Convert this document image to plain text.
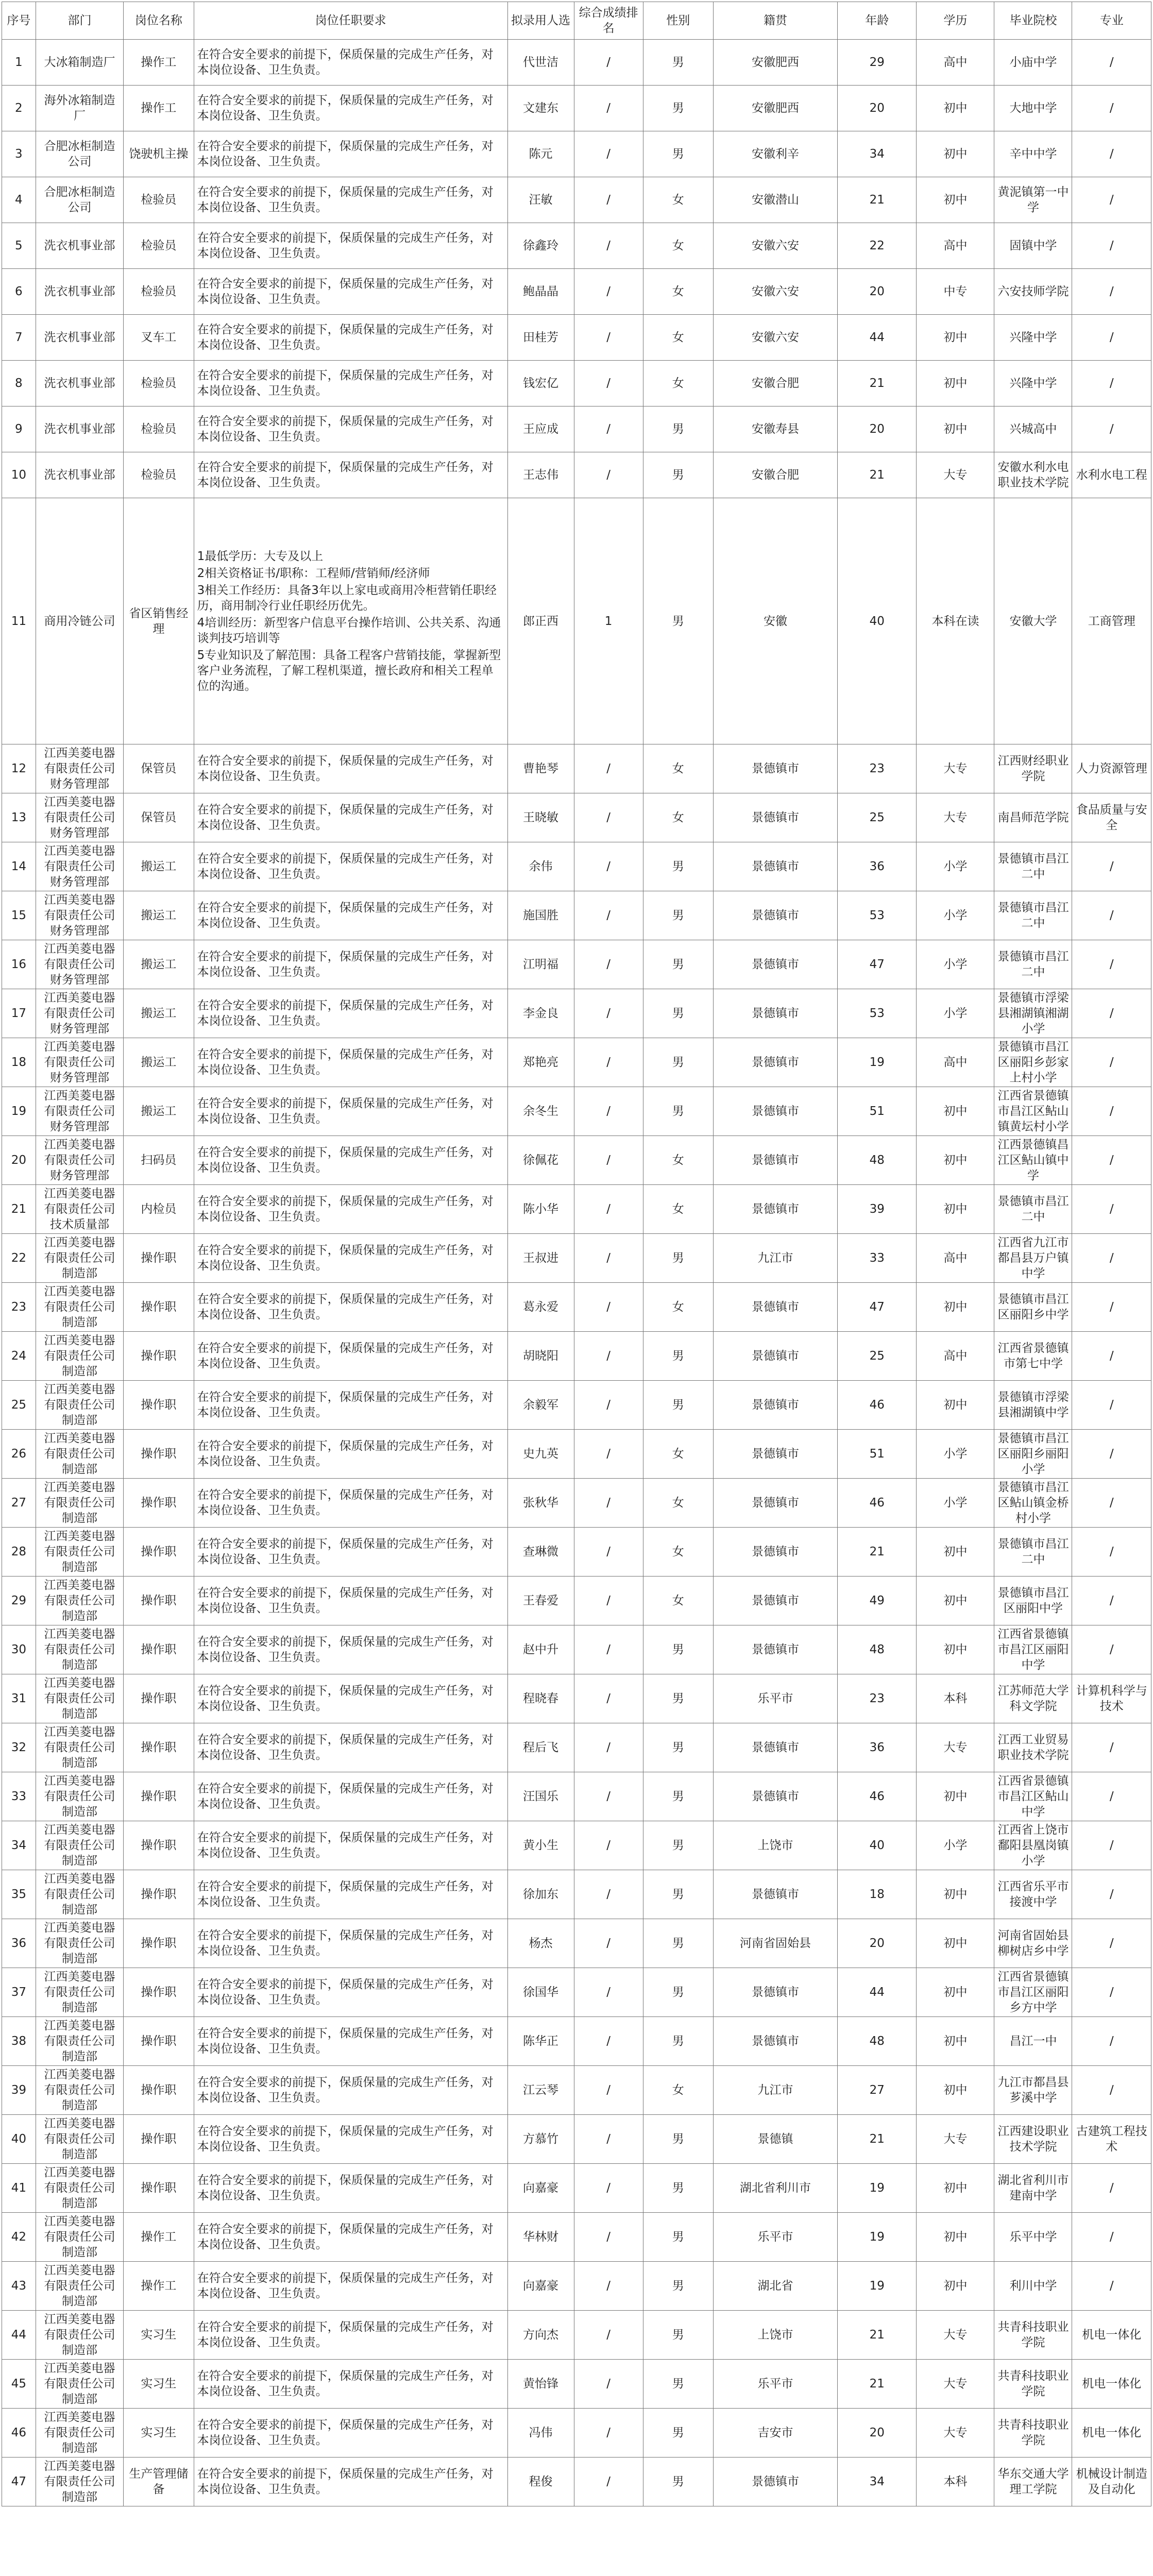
序号	部门	岗位名称	岗位任职要求	拟录用人选	综合成绩排名	性别	籍贯	年龄	学历	毕业院校	专业
1	大冰箱制造厂	操作工	在符合安全要求的前提下，保质保量的完成生产任务，对本岗位设备、卫生负责。	代世洁	/	男	安徽肥西	29	高中	小庙中学	/
2	海外冰箱制造厂	操作工	在符合安全要求的前提下，保质保量的完成生产任务，对本岗位设备、卫生负责。	文建东	/	男	安徽肥西	20	初中	大地中学	/
3	合肥冰柜制造公司	饶驶机主操	在符合安全要求的前提下，保质保量的完成生产任务，对本岗位设备、卫生负责。	陈元	/	男	安徽利辛	34	初中	辛中中学	/
4	合肥冰柜制造公司	检验员	在符合安全要求的前提下，保质保量的完成生产任务，对本岗位设备、卫生负责。	汪敏	/	女	安徽潜山	21	初中	黄泥镇第一中学	/
5	洗衣机事业部	检验员	在符合安全要求的前提下，保质保量的完成生产任务，对本岗位设备、卫生负责。	徐鑫玲	/	女	安徽六安	22	高中	固镇中学	/
6	洗衣机事业部	检验员	在符合安全要求的前提下，保质保量的完成生产任务，对本岗位设备、卫生负责。	鲍晶晶	/	女	安徽六安	20	中专	六安技师学院	/
7	洗衣机事业部	叉车工	在符合安全要求的前提下，保质保量的完成生产任务，对本岗位设备、卫生负责。	田桂芳	/	女	安徽六安	44	初中	兴隆中学	/
8	洗衣机事业部	检验员	在符合安全要求的前提下，保质保量的完成生产任务，对本岗位设备、卫生负责。	钱宏亿	/	女	安徽合肥	21	初中	兴隆中学	/
9	洗衣机事业部	检验员	在符合安全要求的前提下，保质保量的完成生产任务，对本岗位设备、卫生负责。	王应成	/	男	安徽寿县	20	初中	兴城高中	/
10	洗衣机事业部	检验员	在符合安全要求的前提下，保质保量的完成生产任务，对本岗位设备、卫生负责。	王志伟	/	男	安徽合肥	21	大专	安徽水利水电职业技术学院	水利水电工程
11	商用冷链公司	省区销售经理	1最低学历：大专及以上
2相关资格证书/职称：工程师/营销师/经济师
3相关工作经历：具备3年以上家电或商用冷柜营销任职经历，商用制冷行业任职经历优先。
4培训经历：新型客户信息平台操作培训、公共关系、沟通谈判技巧培训等
5专业知识及了解范围：具备工程客户营销技能，掌握新型客户业务流程，了解工程机渠道，擅长政府和相关工程单位的沟通。	郎正西	1	男	安徽	40	本科在读	安徽大学	工商管理
12	江西美菱电器有限责任公司财务管理部	保管员	在符合安全要求的前提下，保质保量的完成生产任务，对本岗位设备、卫生负责。	曹艳琴	/	女	景德镇市	23	大专	江西财经职业学院	人力资源管理
13	江西美菱电器有限责任公司财务管理部	保管员	在符合安全要求的前提下，保质保量的完成生产任务，对本岗位设备、卫生负责。	王晓敏	/	女	景德镇市	25	大专	南昌师范学院	食品质量与安全
14	江西美菱电器有限责任公司财务管理部	搬运工	在符合安全要求的前提下，保质保量的完成生产任务，对本岗位设备、卫生负责。	余伟	/	男	景德镇市	36	小学	景德镇市昌江二中	/
15	江西美菱电器有限责任公司财务管理部	搬运工	在符合安全要求的前提下，保质保量的完成生产任务，对本岗位设备、卫生负责。	施国胜	/	男	景德镇市	53	小学	景德镇市昌江二中	/
16	江西美菱电器有限责任公司财务管理部	搬运工	在符合安全要求的前提下，保质保量的完成生产任务，对本岗位设备、卫生负责。	江明福	/	男	景德镇市	47	小学	景德镇市昌江二中	/
17	江西美菱电器有限责任公司财务管理部	搬运工	在符合安全要求的前提下，保质保量的完成生产任务，对本岗位设备、卫生负责。	李金良	/	男	景德镇市	53	小学	景德镇市浮梁县湘湖镇湘湖小学	/
18	江西美菱电器有限责任公司财务管理部	搬运工	在符合安全要求的前提下，保质保量的完成生产任务，对本岗位设备、卫生负责。	郑艳亮	/	男	景德镇市	19	高中	景德镇市昌江区丽阳乡彭家上村小学	/
19	江西美菱电器有限责任公司财务管理部	搬运工	在符合安全要求的前提下，保质保量的完成生产任务，对本岗位设备、卫生负责。	余冬生	/	男	景德镇市	51	初中	江西省景德镇市昌江区鲇山镇黄坛村小学	/
20	江西美菱电器有限责任公司财务管理部	扫码员	在符合安全要求的前提下，保质保量的完成生产任务，对本岗位设备、卫生负责。	徐佩花	/	女	景德镇市	48	初中	江西景德镇昌江区鲇山镇中学	/
21	江西美菱电器有限责任公司技术质量部	内检员	在符合安全要求的前提下，保质保量的完成生产任务，对本岗位设备、卫生负责。	陈小华	/	女	景德镇市	39	初中	景德镇市昌江二中	/
22	江西美菱电器有限责任公司制造部	操作职	在符合安全要求的前提下，保质保量的完成生产任务，对本岗位设备、卫生负责。	王叔进	/	男	九江市	33	高中	江西省九江市都昌县万户镇中学	/
23	江西美菱电器有限责任公司制造部	操作职	在符合安全要求的前提下，保质保量的完成生产任务，对本岗位设备、卫生负责。	葛永爱	/	女	景德镇市	47	初中	景德镇市昌江区丽阳乡中学	/
24	江西美菱电器有限责任公司制造部	操作职	在符合安全要求的前提下，保质保量的完成生产任务，对本岗位设备、卫生负责。	胡晓阳	/	男	景德镇市	25	高中	江西省景德镇市第七中学	/
25	江西美菱电器有限责任公司制造部	操作职	在符合安全要求的前提下，保质保量的完成生产任务，对本岗位设备、卫生负责。	余毅军	/	男	景德镇市	46	初中	景德镇市浮梁县湘湖镇中学	/
26	江西美菱电器有限责任公司制造部	操作职	在符合安全要求的前提下，保质保量的完成生产任务，对本岗位设备、卫生负责。	史九英	/	女	景德镇市	51	小学	景德镇市昌江区丽阳乡丽阳小学	/
27	江西美菱电器有限责任公司制造部	操作职	在符合安全要求的前提下，保质保量的完成生产任务，对本岗位设备、卫生负责。	张秋华	/	女	景德镇市	46	小学	景德镇市昌江区鲇山镇金桥村小学	/
28	江西美菱电器有限责任公司制造部	操作职	在符合安全要求的前提下，保质保量的完成生产任务，对本岗位设备、卫生负责。	查琳微	/	女	景德镇市	21	初中	景德镇市昌江二中	/
29	江西美菱电器有限责任公司制造部	操作职	在符合安全要求的前提下，保质保量的完成生产任务，对本岗位设备、卫生负责。	王春爱	/	女	景德镇市	49	初中	景德镇市昌江区丽阳中学	/
30	江西美菱电器有限责任公司制造部	操作职	在符合安全要求的前提下，保质保量的完成生产任务，对本岗位设备、卫生负责。	赵中升	/	男	景德镇市	48	初中	江西省景德镇市昌江区丽阳中学	/
31	江西美菱电器有限责任公司制造部	操作职	在符合安全要求的前提下，保质保量的完成生产任务，对本岗位设备、卫生负责。	程晓春	/	男	乐平市	23	本科	江苏师范大学科文学院	计算机科学与技术
32	江西美菱电器有限责任公司制造部	操作职	在符合安全要求的前提下，保质保量的完成生产任务，对本岗位设备、卫生负责。	程后飞	/	男	景德镇市	36	大专	江西工业贸易职业技术学院	/
33	江西美菱电器有限责任公司制造部	操作职	在符合安全要求的前提下，保质保量的完成生产任务，对本岗位设备、卫生负责。	汪国乐	/	男	景德镇市	46	初中	江西省景德镇市昌江区鲇山中学	/
34	江西美菱电器有限责任公司制造部	操作职	在符合安全要求的前提下，保质保量的完成生产任务，对本岗位设备、卫生负责。	黄小生	/	男	上饶市	40	小学	江西省上饶市鄱阳县凰岗镇小学	/
35	江西美菱电器有限责任公司制造部	操作职	在符合安全要求的前提下，保质保量的完成生产任务，对本岗位设备、卫生负责。	徐加东	/	男	景德镇市	18	初中	江西省乐平市接渡中学	/
36	江西美菱电器有限责任公司制造部	操作职	在符合安全要求的前提下，保质保量的完成生产任务，对本岗位设备、卫生负责。	杨杰	/	男	河南省固始县	20	初中	河南省固始县柳树店乡中学	/
37	江西美菱电器有限责任公司制造部	操作职	在符合安全要求的前提下，保质保量的完成生产任务，对本岗位设备、卫生负责。	徐国华	/	男	景德镇市	44	初中	江西省景德镇市昌江区丽阳乡方中学	/
38	江西美菱电器有限责任公司制造部	操作职	在符合安全要求的前提下，保质保量的完成生产任务，对本岗位设备、卫生负责。	陈华正	/	男	景德镇市	48	初中	昌江一中	/
39	江西美菱电器有限责任公司制造部	操作职	在符合安全要求的前提下，保质保量的完成生产任务，对本岗位设备、卫生负责。	江云琴	/	女	九江市	27	初中	九江市都昌县芗溪中学	/
40	江西美菱电器有限责任公司制造部	操作职	在符合安全要求的前提下，保质保量的完成生产任务，对本岗位设备、卫生负责。	方慕竹	/	男	景德镇	21	大专	江西建设职业技术学院	古建筑工程技术
41	江西美菱电器有限责任公司制造部	操作职	在符合安全要求的前提下，保质保量的完成生产任务，对本岗位设备、卫生负责。	向嘉豪	/	男	湖北省利川市	19	初中	湖北省利川市建南中学	/
42	江西美菱电器有限责任公司制造部	操作工	在符合安全要求的前提下，保质保量的完成生产任务，对本岗位设备、卫生负责。	华林财	/	男	乐平市	19	初中	乐平中学	/
43	江西美菱电器有限责任公司制造部	操作工	在符合安全要求的前提下，保质保量的完成生产任务，对本岗位设备、卫生负责。	向嘉豪	/	男	湖北省	19	初中	利川中学	/
44	江西美菱电器有限责任公司制造部	实习生	在符合安全要求的前提下，保质保量的完成生产任务，对本岗位设备、卫生负责。	方向杰	/	男	上饶市	21	大专	共青科技职业学院	机电一体化
45	江西美菱电器有限责任公司制造部	实习生	在符合安全要求的前提下，保质保量的完成生产任务，对本岗位设备、卫生负责。	黄怡锋	/	男	乐平市	21	大专	共青科技职业学院	机电一体化
46	江西美菱电器有限责任公司制造部	实习生	在符合安全要求的前提下，保质保量的完成生产任务，对本岗位设备、卫生负责。	冯伟	/	男	吉安市	20	大专	共青科技职业学院	机电一体化
47	江西美菱电器有限责任公司制造部	生产管理储备	在符合安全要求的前提下，保质保量的完成生产任务，对本岗位设备、卫生负责。	程俊	/	男	景德镇市	34	本科	华东交通大学理工学院	机械设计制造及自动化
